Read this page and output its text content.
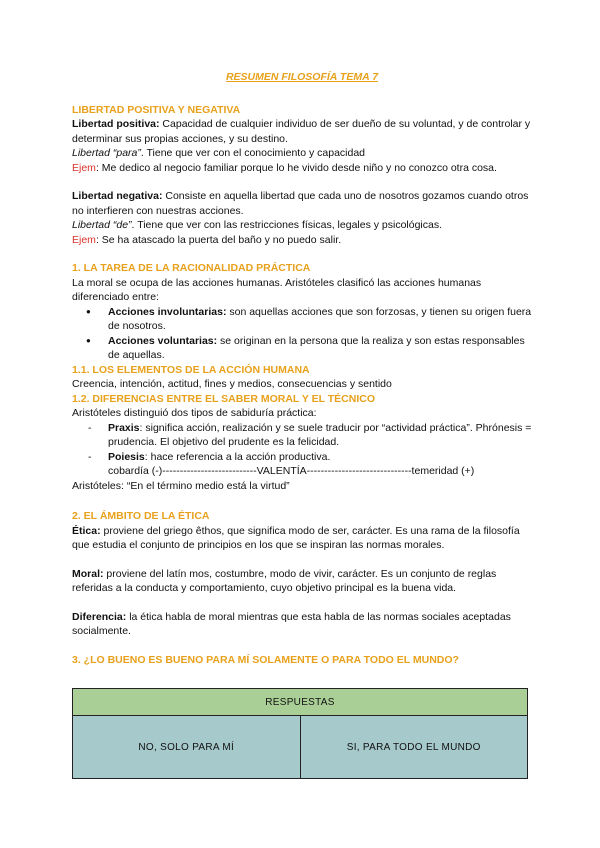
RESUMEN FILOSOFÍA TEMA 7

LIBERTAD POSITIVA Y NEGATIVA

Libertad positiva: Capacidad de cualquier individuo de ser dueño de su voluntad, y de controlar y determinar sus propias acciones, y su destino.

Libertad “para”. Tiene que ver con el conocimiento y capacidad

Ejem: Me dedico al negocio familiar porque lo he vivido desde niño y no conozco otra cosa.

Libertad negativa: Consiste en aquella libertad que cada uno de nosotros gozamos cuando otros no interfieren con nuestras acciones.

Libertad “de”. Tiene que ver con las restricciones físicas, legales y psicológicas.

Ejem: Se ha atascado la puerta del baño y no puedo salir.

1. LA TAREA DE LA RACIONALIDAD PRÁCTICA

La moral se ocupa de las acciones humanas. Aristóteles clasificó las acciones humanas diferenciado entre:

● Acciones involuntarias: son aquellas acciones que son forzosas, y tienen su origen fuera de nosotros.
● Acciones voluntarias: se originan en la persona que la realiza y son estas responsables de aquellas.

1.1. LOS ELEMENTOS DE LA ACCIÓN HUMANA

Creencia, intención, actitud, fines y medios, consecuencias y sentido

1.2. DIFERENCIAS ENTRE EL SABER MORAL Y EL TÉCNICO

Aristóteles distinguió dos tipos de sabiduría práctica:

- Praxis: significa acción, realización y se suele traducir por “actividad práctica”. Phrónesis = prudencia. El objetivo del prudente es la felicidad.
- Poiesis: hace referencia a la acción productiva.

cobardía (-)---------------------------VALENTÍA------------------------------temeridad (+)

Aristóteles: “En el término medio está la virtud”

2. EL ÁMBITO DE LA ÉTICA

Ética: proviene del griego êthos, que significa modo de ser, carácter. Es una rama de la filosofía que estudia el conjunto de principios en los que se inspiran las normas morales.

Moral: proviene del latín mos, costumbre, modo de vivir, carácter. Es un conjunto de reglas referidas a la conducta y comportamiento, cuyo objetivo principal es la buena vida.

Diferencia: la ética habla de moral mientras que esta habla de las normas sociales aceptadas socialmente.

3. ¿LO BUENO ES BUENO PARA MÍ SOLAMENTE O PARA TODO EL MUNDO?

RESPUESTAS
NO, SOLO PARA MÍ	SI, PARA TODO EL MUNDO
